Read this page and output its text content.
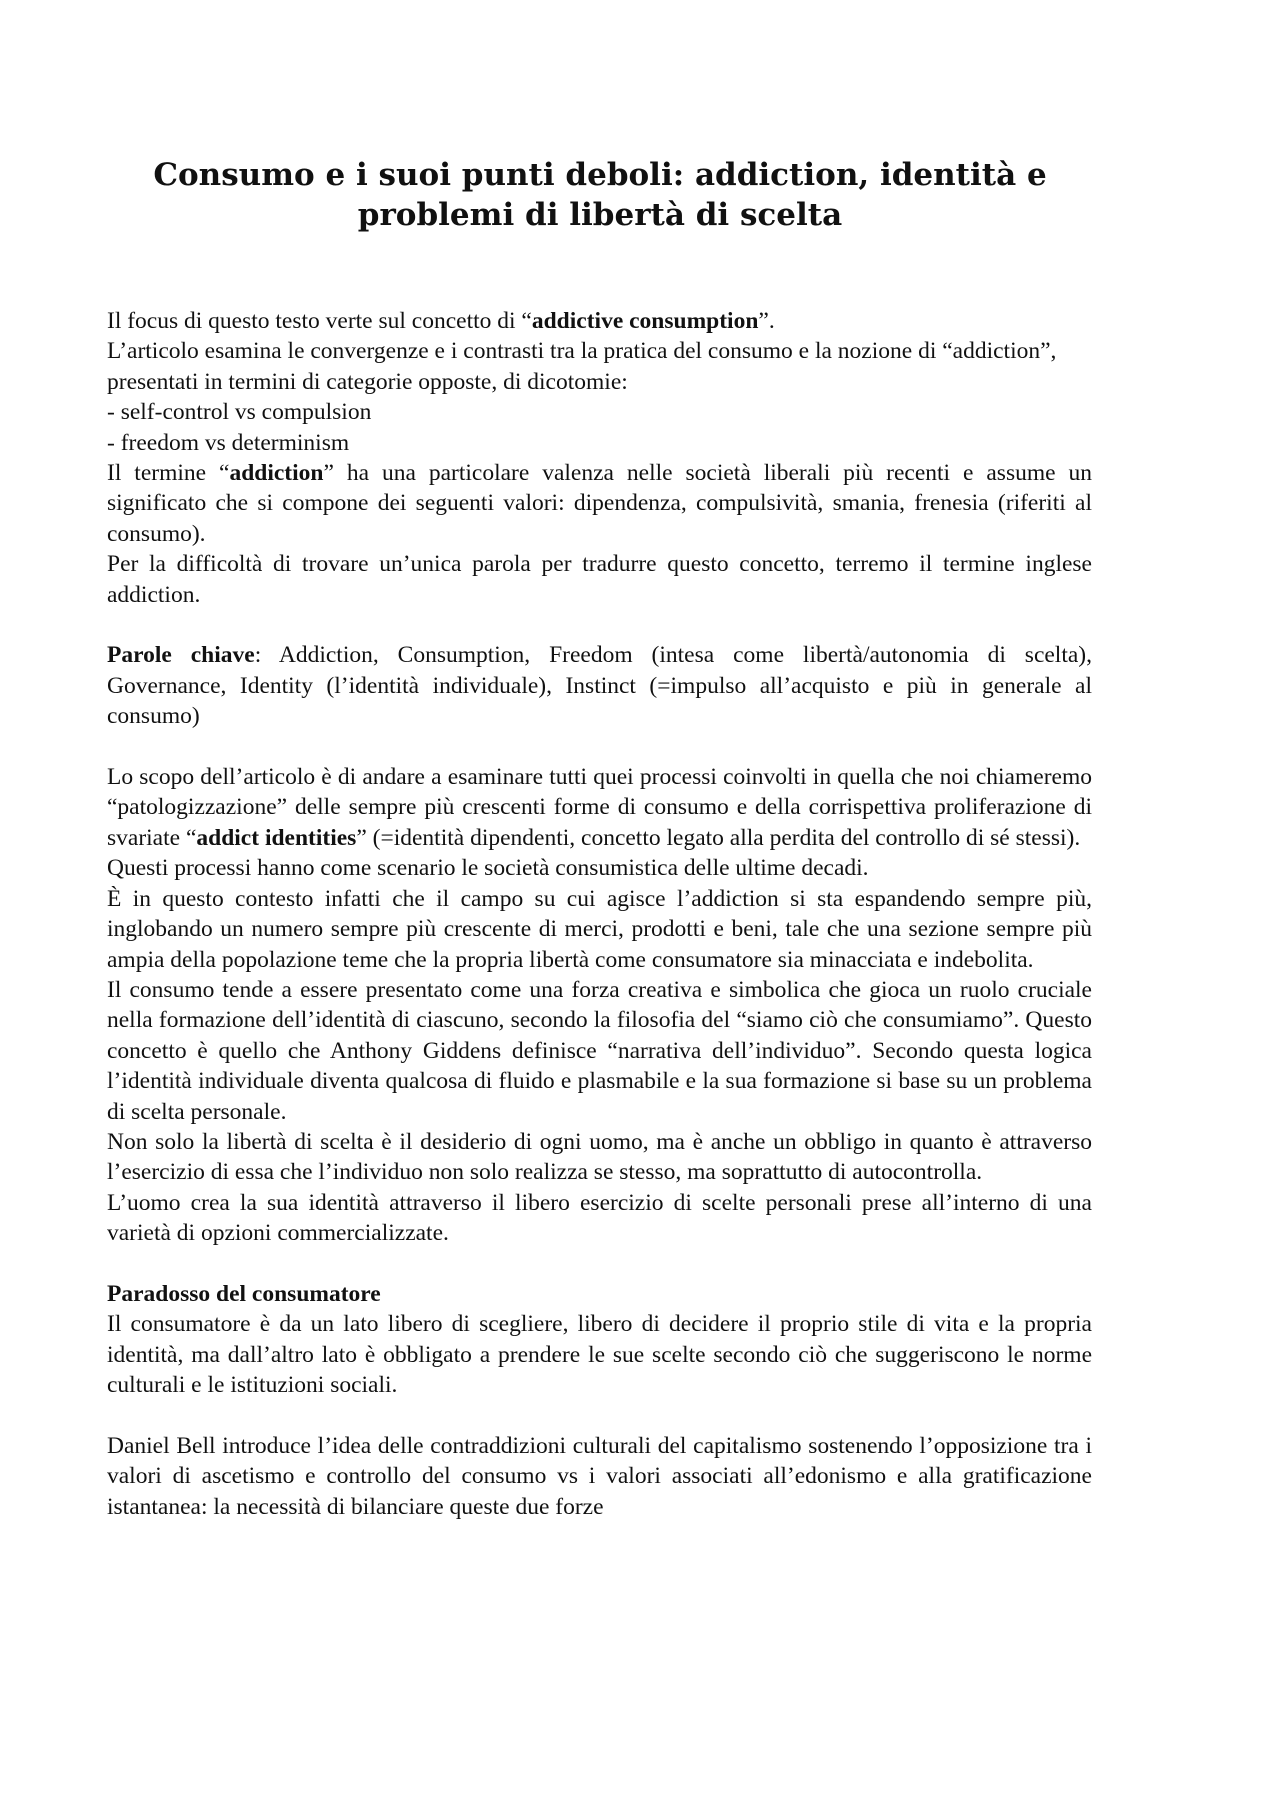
Consumo e i suoi punti deboli: addiction, identità e problemi di libertà di scelta

Il focus di questo testo verte sul concetto di “addictive consumption”.

L’articolo esamina le convergenze e i contrasti tra la pratica del consumo e la nozione di “addiction”, presentati in termini di categorie opposte, di dicotomie:

- self-control vs compulsion

- freedom vs determinism

Il termine “addiction” ha una particolare valenza nelle società liberali più recenti e assume un significato che si compone dei seguenti valori: dipendenza, compulsività, smania, frenesia (riferiti al consumo).

Per la difficoltà di trovare un’unica parola per tradurre questo concetto, terremo il termine inglese addiction.

Parole chiave: Addiction, Consumption, Freedom (intesa come libertà/autonomia di scelta), Governance, Identity (l’identità individuale), Instinct (=impulso all’acquisto e più in generale al consumo)

Lo scopo dell’articolo è di andare a esaminare tutti quei processi coinvolti in quella che noi chiameremo “patologizzazione” delle sempre più crescenti forme di consumo e della corrispettiva proliferazione di svariate “addict identities” (=identità dipendenti, concetto legato alla perdita del controllo di sé stessi).

Questi processi hanno come scenario le società consumistica delle ultime decadi.

È in questo contesto infatti che il campo su cui agisce l’addiction si sta espandendo sempre più, inglobando un numero sempre più crescente di merci, prodotti e beni, tale che una sezione sempre più ampia della popolazione teme che la propria libertà come consumatore sia minacciata e indebolita.

Il consumo tende a essere presentato come una forza creativa e simbolica che gioca un ruolo cruciale nella formazione dell’identità di ciascuno, secondo la filosofia del “siamo ciò che consumiamo”. Questo concetto è quello che Anthony Giddens definisce “narrativa dell’individuo”. Secondo questa logica l’identità individuale diventa qualcosa di fluido e plasmabile e la sua formazione si base su un problema di scelta personale.

Non solo la libertà di scelta è il desiderio di ogni uomo, ma è anche un obbligo in quanto è attraverso l’esercizio di essa che l’individuo non solo realizza se stesso, ma soprattutto di autocontrolla.

L’uomo crea la sua identità attraverso il libero esercizio di scelte personali prese all’interno di una varietà di opzioni commercializzate.

Paradosso del consumatore

Il consumatore è da un lato libero di scegliere, libero di decidere il proprio stile di vita e la propria identità, ma dall’altro lato è obbligato a prendere le sue scelte secondo ciò che suggeriscono le norme culturali e le istituzioni sociali.

Daniel Bell introduce l’idea delle contraddizioni culturali del capitalismo sostenendo l’opposizione tra i valori di ascetismo e controllo del consumo vs i valori associati all’edonismo e alla gratificazione istantanea: la necessità di bilanciare queste due forze
